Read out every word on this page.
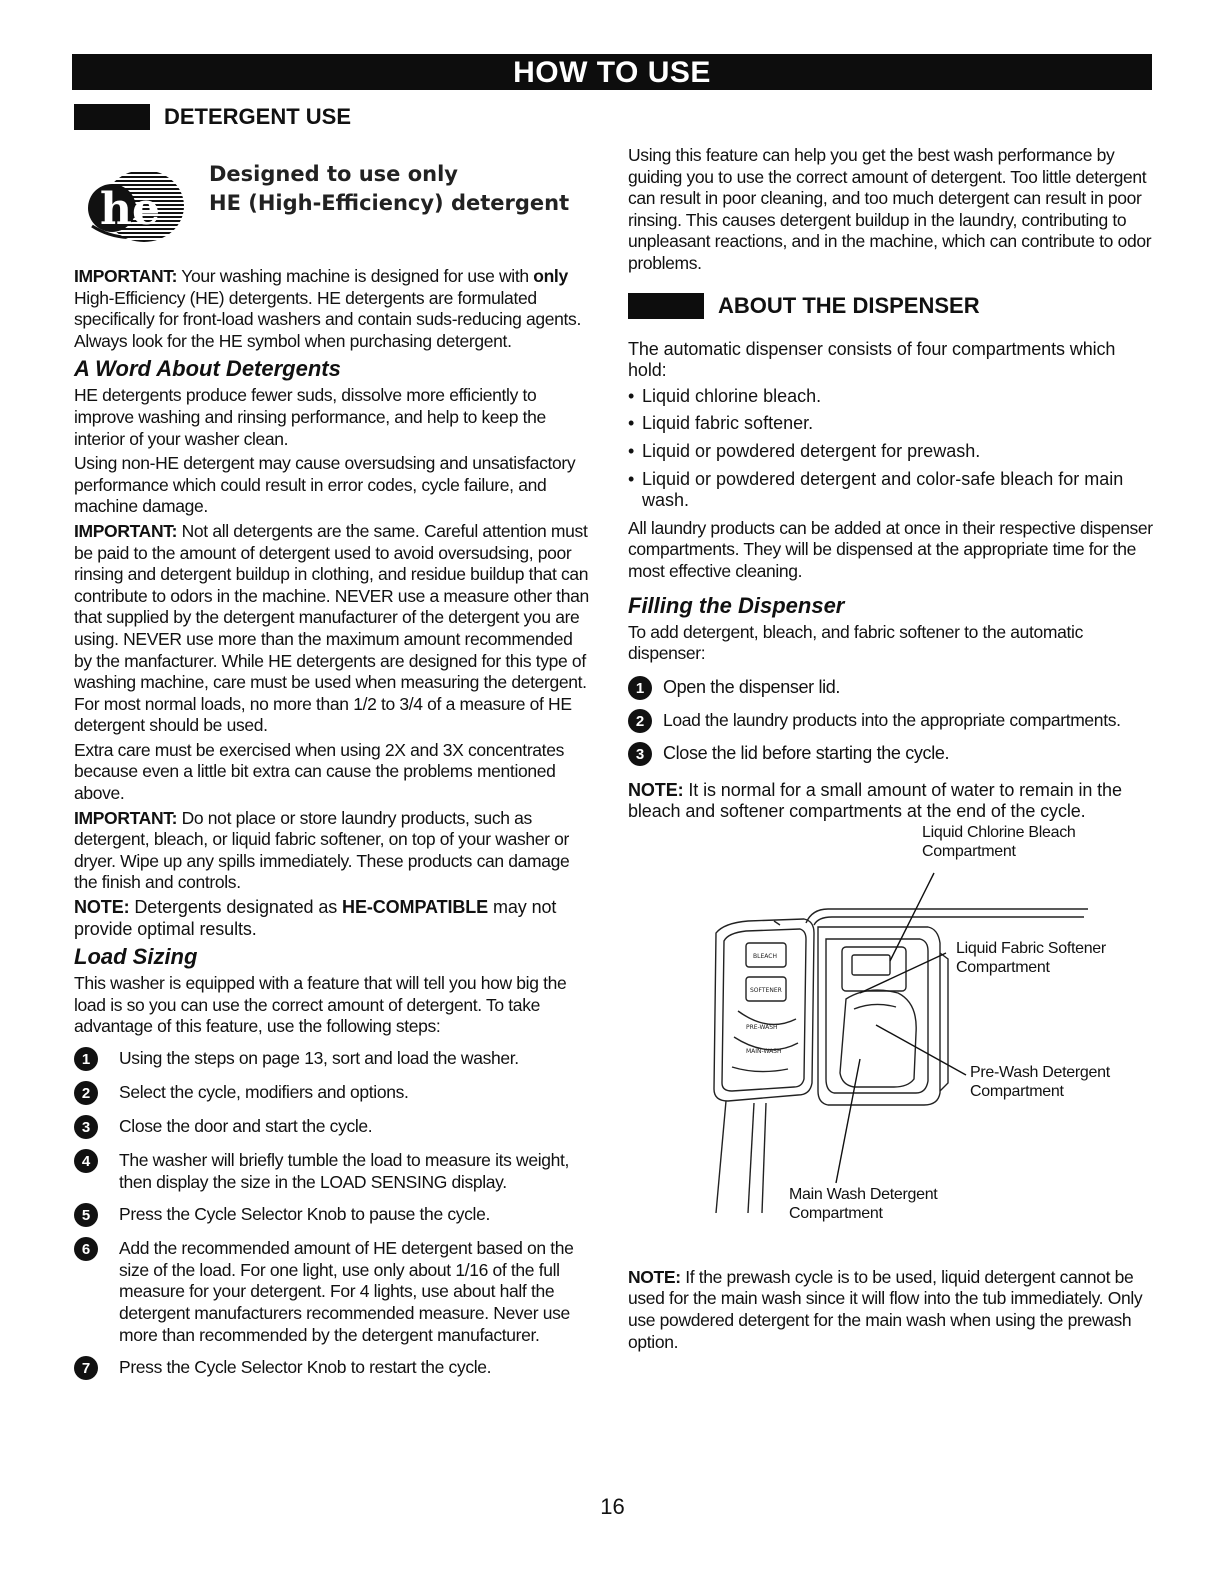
HOW TO USE
DETERGENT USE
he
Designed to use only
HE (High-Efficiency) detergent

IMPORTANT: Your washing machine is designed for use with only High-Efficiency (HE) detergents. HE detergents are formulated specifically for front-load washers and contain suds-reducing agents. Always look for the HE symbol when purchasing detergent.

A Word About Detergents

HE detergents produce fewer suds, dissolve more efficiently to improve washing and rinsing performance, and help to keep the interior of your washer clean.

Using non-HE detergent may cause oversudsing and unsatisfactory performance which could result in error codes, cycle failure, and machine damage.

IMPORTANT: Not all detergents are the same. Careful attention must be paid to the amount of detergent used to avoid oversudsing, poor rinsing and detergent buildup in clothing, and residue buildup that can contribute to odors in the machine. NEVER use a measure other than that supplied by the detergent manufacturer of the detergent you are using. NEVER use more than the maximum amount recommended by the manfacturer. While HE detergents are designed for this type of washing machine, care must be used when measuring the detergent. For most normal loads, no more than 1/2 to 3/4 of a measure of HE detergent should be used.

Extra care must be exercised when using 2X and 3X concentrates because even a little bit extra can cause the problems mentioned above.

IMPORTANT: Do not place or store laundry products, such as detergent, bleach, or liquid fabric softener, on top of your washer or dryer. Wipe up any spills immediately. These products can damage the finish and controls.

NOTE: Detergents designated as HE-COMPATIBLE may not provide optimal results.

Load Sizing

This washer is equipped with a feature that will tell you how big the load is so you can use the correct amount of detergent. To take advantage of this feature, use the following steps:

1	Using the steps on page 13, sort and load the washer.
2	Select the cycle, modifiers and options.
3	Close the door and start the cycle.
4	The washer will briefly tumble the load to measure its weight, then display the size in the LOAD SENSING display.
5	Press the Cycle Selector Knob to pause the cycle.
6	Add the recommended amount of HE detergent based on the size of the load. For one light, use only about 1/16 of the full measure for your detergent. For 4 lights, use about half the detergent manufacturers recommended measure. Never use more than recommended by the detergent manufacturer.
7	Press the Cycle Selector Knob to restart the cycle.

Using this feature can help you get the best wash performance by guiding you to use the correct amount of detergent. Too little detergent can result in poor cleaning, and too much detergent can result in poor rinsing. This causes detergent buildup in the laundry, contributing to unpleasant reactions, and in the machine, which can contribute to odor problems.

ABOUT THE DISPENSER

The automatic dispenser consists of four compartments which hold:

• Liquid chlorine bleach.
• Liquid fabric softener.
• Liquid or powdered detergent for prewash.
• Liquid or powdered detergent and color-safe bleach for main wash.

All laundry products can be added at once in their respective dispenser compartments. They will be dispensed at the appropriate time for the most effective cleaning.

Filling the Dispenser

To add detergent, bleach, and fabric softener to the automatic dispenser:

1	Open the dispenser lid.
2	Load the laundry products into the appropriate compartments.
3	Close the lid before starting the cycle.

NOTE: It is normal for a small amount of water to remain in the bleach and softener compartments at the end of the cycle.

BLEACH
SOFTENER
PRE-WASH
MAIN-WASH
Liquid Chlorine Bleach
Compartment
Liquid Fabric Softener
Compartment
Pre-Wash Detergent
Compartment
Main Wash Detergent
Compartment

NOTE: If the prewash cycle is to be used, liquid detergent cannot be used for the main wash since it will flow into the tub immediately. Only use powdered detergent for the main wash when using the prewash option.

16
